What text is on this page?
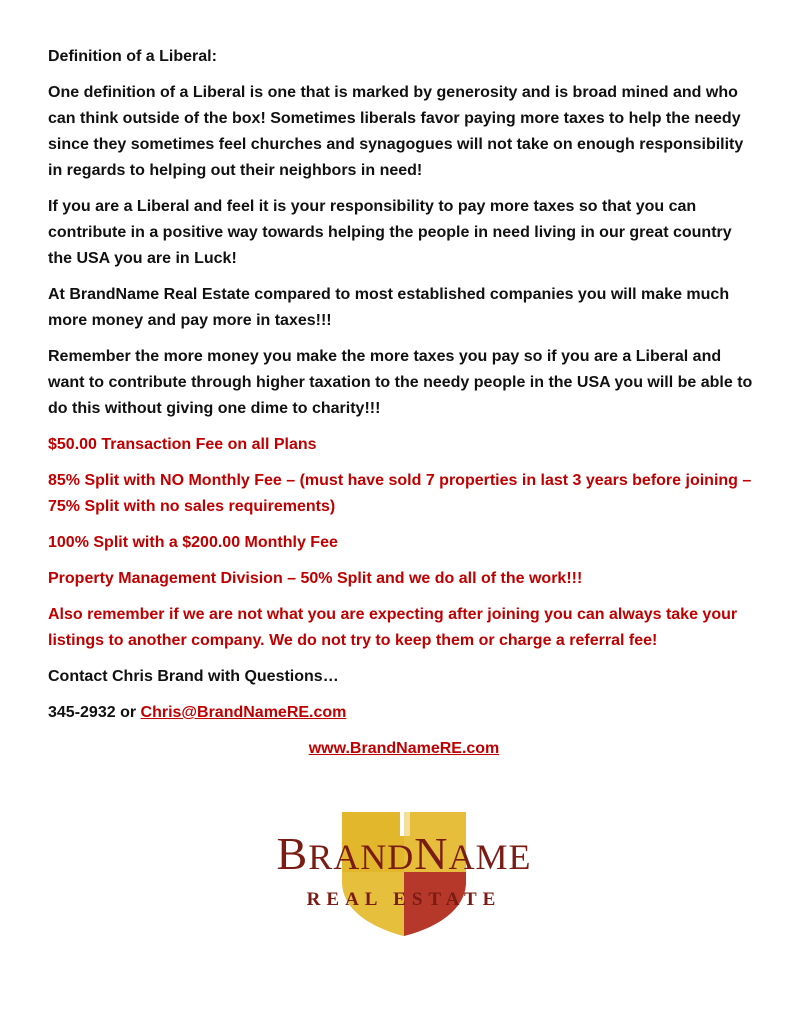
Definition of a Liberal:

One definition of a Liberal is one that is marked by generosity and is broad mined and who can think outside of the box! Sometimes liberals favor paying more taxes to help the needy since they sometimes feel churches and synagogues will not take on enough responsibility in regards to helping out their neighbors in need!

If you are a Liberal and feel it is your responsibility to pay more taxes so that you can contribute in a positive way towards helping the people in need living in our great country the USA you are in Luck!

At BrandName Real Estate compared to most established companies you will make much more money and pay more in taxes!!!

Remember the more money you make the more taxes you pay so if you are a Liberal and want to contribute through higher taxation to the needy people in the USA you will be able to do this without giving one dime to charity!!!

$50.00 Transaction Fee on all Plans

85% Split with NO Monthly Fee – (must have sold 7 properties in last 3 years before joining – 75% Split with no sales requirements)

100% Split with a $200.00 Monthly Fee

Property Management Division – 50% Split and we do all of the work!!!

Also remember if we are not what you are expecting after joining you can always take your listings to another company. We do not try to keep them or charge a referral fee!

Contact Chris Brand with Questions…

345-2932 or Chris@BrandNameRE.com

www.BrandNameRE.com

BRANDNAME
REAL ESTATE
